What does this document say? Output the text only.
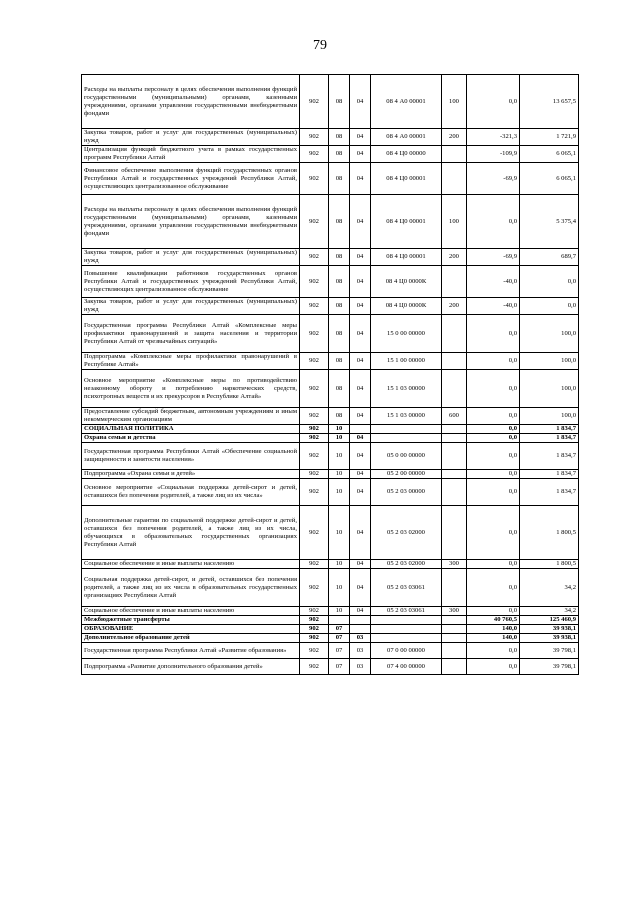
79
Расходы на выплаты персоналу в целях обеспечения выполнения функций государственными (муниципальными) органами, казенными учреждениями, органами управления государственными внебюджетными фондами	902	08	04	08 4 А0 00001	100	0,0	13 657,5
Закупка товаров, работ и услуг для государственных (муниципальных) нужд	902	08	04	08 4 А0 00001	200	-321,3	1 721,9
Централизация функций бюджетного учета в рамках государственных программ Республики Алтай	902	08	04	08 4 Ц0 00000		-109,9	6 065,1
Финансовое обеспечение выполнения функций государственных органов Республики Алтай и государственных учреждений Республики Алтай, осуществляющих централизованное обслуживание	902	08	04	08 4 Ц0 00001		-69,9	6 065,1
Расходы на выплаты персоналу в целях обеспечения выполнения функций государственными (муниципальными) органами, казенными учреждениями, органами управления государственными внебюджетными фондами	902	08	04	08 4 Ц0 00001	100	0,0	5 375,4
Закупка товаров, работ и услуг для государственных (муниципальных) нужд	902	08	04	08 4 Ц0 00001	200	-69,9	689,7
Повышение квалификации работников государственных органов Республики Алтай и государственных учреждений Республики Алтай, осуществляющих централизованное обслуживание	902	08	04	08 4 Ц0 0000К		-40,0	0,0
Закупка товаров, работ и услуг для государственных (муниципальных) нужд	902	08	04	08 4 Ц0 0000К	200	-40,0	0,0
Государственная программа Республики Алтай «Комплексные меры профилактики правонарушений и защита населения и территории Республики Алтай от чрезвычайных ситуаций»	902	08	04	15 0 00 00000		0,0	100,0
Подпрограмма «Комплексные меры профилактики правонарушений в Республике Алтай»	902	08	04	15 1 00 00000		0,0	100,0
Основное мероприятие «Комплексные меры по противодействию незаконному обороту и потреблению наркотических средств, психотропных веществ и их прекурсоров в Республике Алтай»	902	08	04	15 1 03 00000		0,0	100,0
Предоставление субсидий бюджетным, автономным учреждениям и иным некоммерческим организациям	902	08	04	15 1 03 00000	600	0,0	100,0
СОЦИАЛЬНАЯ ПОЛИТИКА	902	10				0,0	1 834,7
Охрана семьи и детства	902	10	04			0,0	1 834,7
Государственная программа Республики Алтай «Обеспечение социальной защищенности и занятости населения»	902	10	04	05 0 00 00000		0,0	1 834,7
Подпрограмма «Охрана семьи и детей»	902	10	04	05 2 00 00000		0,0	1 834,7
Основное мероприятие «Социальная поддержка детей-сирот и детей, оставшихся без попечения родителей, а также лиц из их числа»	902	10	04	05 2 03 00000		0,0	1 834,7
Дополнительные гарантии по социальной поддержке детей-сирот и детей, оставшихся без попечения родителей, а также лиц из их числа, обучающихся в образовательных государственных организациях Республики Алтай	902	10	04	05 2 03 02000		0,0	1 800,5
Социальное обеспечение и иные выплаты населению	902	10	04	05 2 03 02000	300	0,0	1 800,5
Социальная поддержка детей-сирот, и детей, оставшихся без попечения родителей, а также лиц из их числа в образовательных государственных организациях Республики Алтай	902	10	04	05 2 03 03061		0,0	34,2
Социальное обеспечение и иные выплаты населению	902	10	04	05 2 03 03061	300	0,0	34,2
Межбюджетные трансферты	902					40 760,5	125 460,9
ОБРАЗОВАНИЕ	902	07				140,0	39 938,1
Дополнительное образование детей	902	07	03			140,0	39 938,1
Государственная программа Республики Алтай «Развитие образования»	902	07	03	07 0 00 00000		0,0	39 798,1
Подпрограмма «Развитие дополнительного образования детей»	902	07	03	07 4 00 00000		0,0	39 798,1
